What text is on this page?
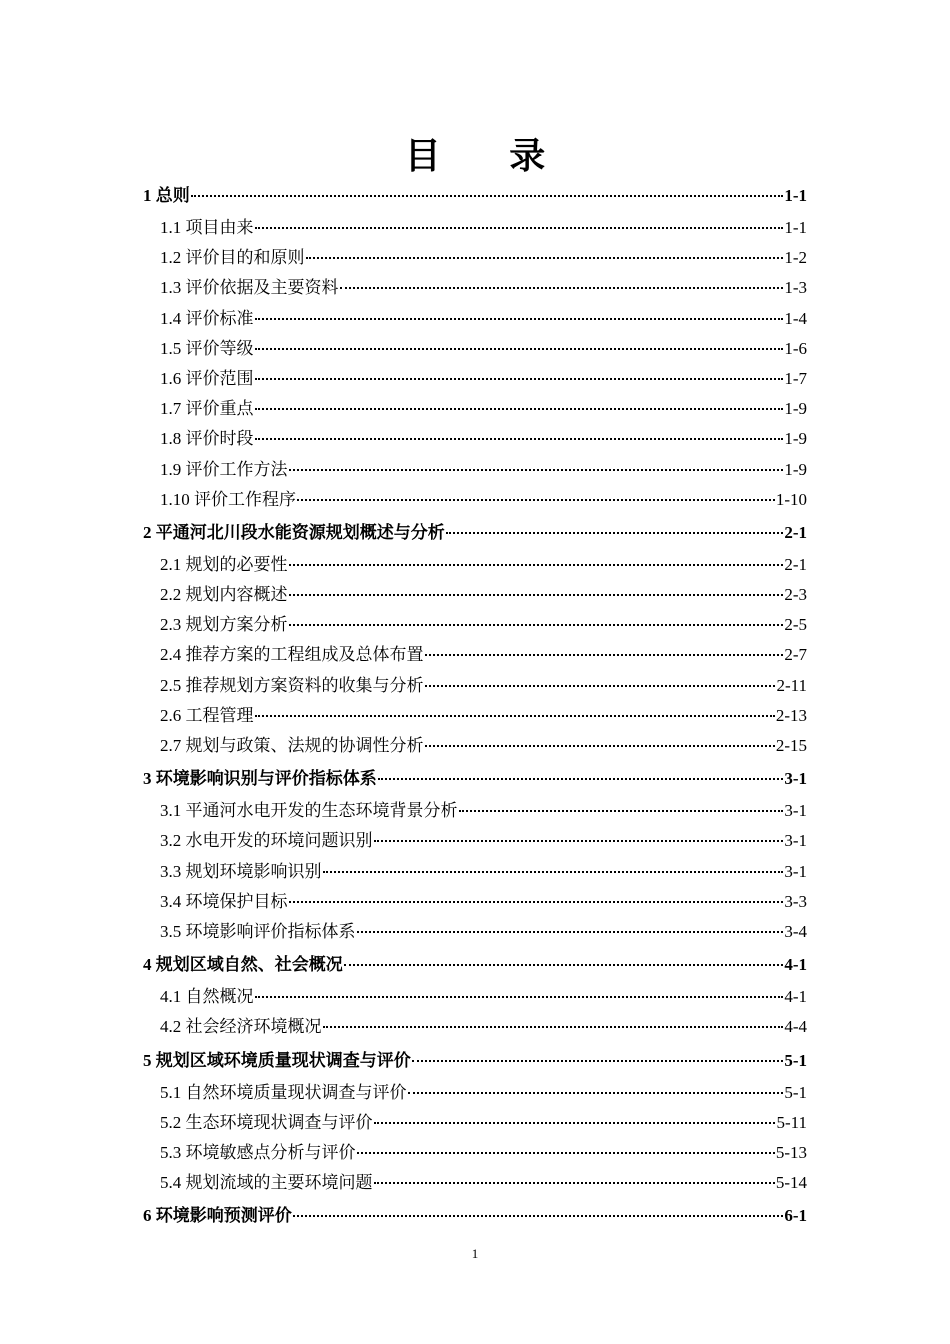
目 录
1 总则	1-1
1.1 项目由来	1-1
1.2 评价目的和原则	1-2
1.3 评价依据及主要资料	1-3
1.4 评价标准	1-4
1.5 评价等级	1-6
1.6 评价范围	1-7
1.7 评价重点	1-9
1.8 评价时段	1-9
1.9 评价工作方法	1-9
1.10 评价工作程序	1-10
2 平通河北川段水能资源规划概述与分析	2-1
2.1 规划的必要性	2-1
2.2 规划内容概述	2-3
2.3 规划方案分析	2-5
2.4 推荐方案的工程组成及总体布置	2-7
2.5 推荐规划方案资料的收集与分析	2-11
2.6 工程管理	2-13
2.7 规划与政策、法规的协调性分析	2-15
3 环境影响识别与评价指标体系	3-1
3.1 平通河水电开发的生态环境背景分析	3-1
3.2 水电开发的环境问题识别	3-1
3.3 规划环境影响识别	3-1
3.4 环境保护目标	3-3
3.5 环境影响评价指标体系	3-4
4 规划区域自然、社会概况	4-1
4.1 自然概况	4-1
4.2 社会经济环境概况	4-4
5 规划区域环境质量现状调查与评价	5-1
5.1 自然环境质量现状调查与评价	5-1
5.2 生态环境现状调查与评价	5-11
5.3 环境敏感点分析与评价	5-13
5.4 规划流域的主要环境问题	5-14
6 环境影响预测评价	6-1
1
